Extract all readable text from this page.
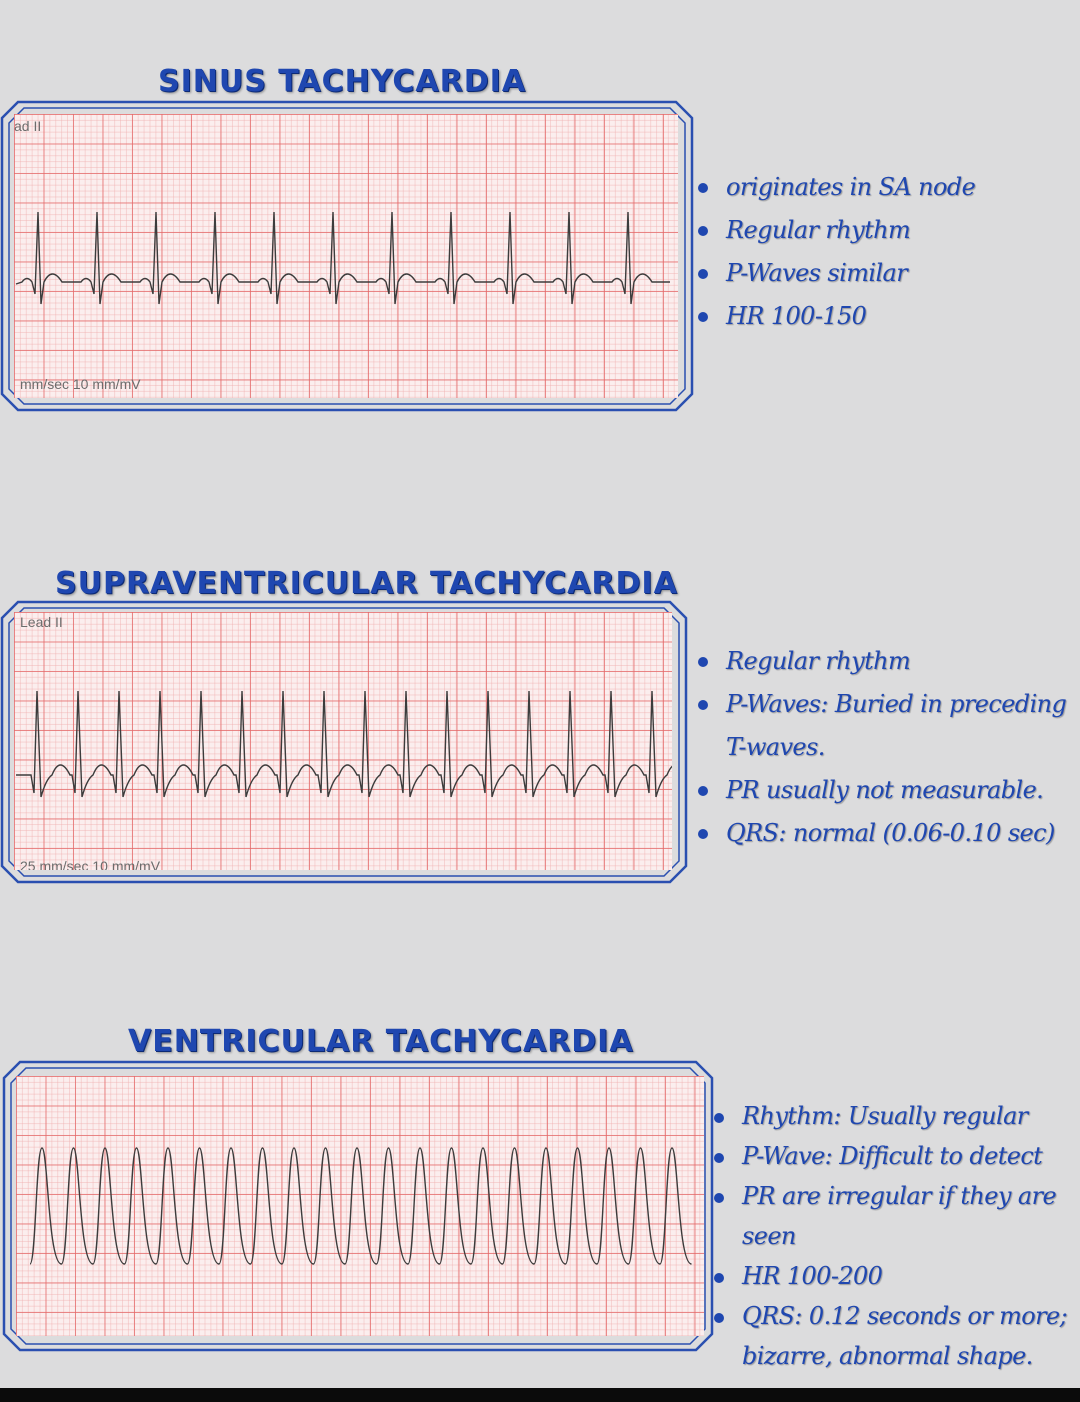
SINUS TACHYCARDIA
ad II
mm/sec 10 mm/mV
originates in SA node
Regular rhythm
P-Waves similar
HR 100-150
SUPRAVENTRICULAR TACHYCARDIA
Lead II
25 mm/sec 10 mm/mV
Regular rhythm
P-Waves: Buried in preceding T-waves.
PR usually not measurable.
QRS: normal (0.06-0.10 sec)
VENTRICULAR TACHYCARDIA
Rhythm: Usually regular
P-Wave: Difficult to detect
PR are irregular if they are seen
HR 100-200
QRS: 0.12 seconds or more; bizarre, abnormal shape.
